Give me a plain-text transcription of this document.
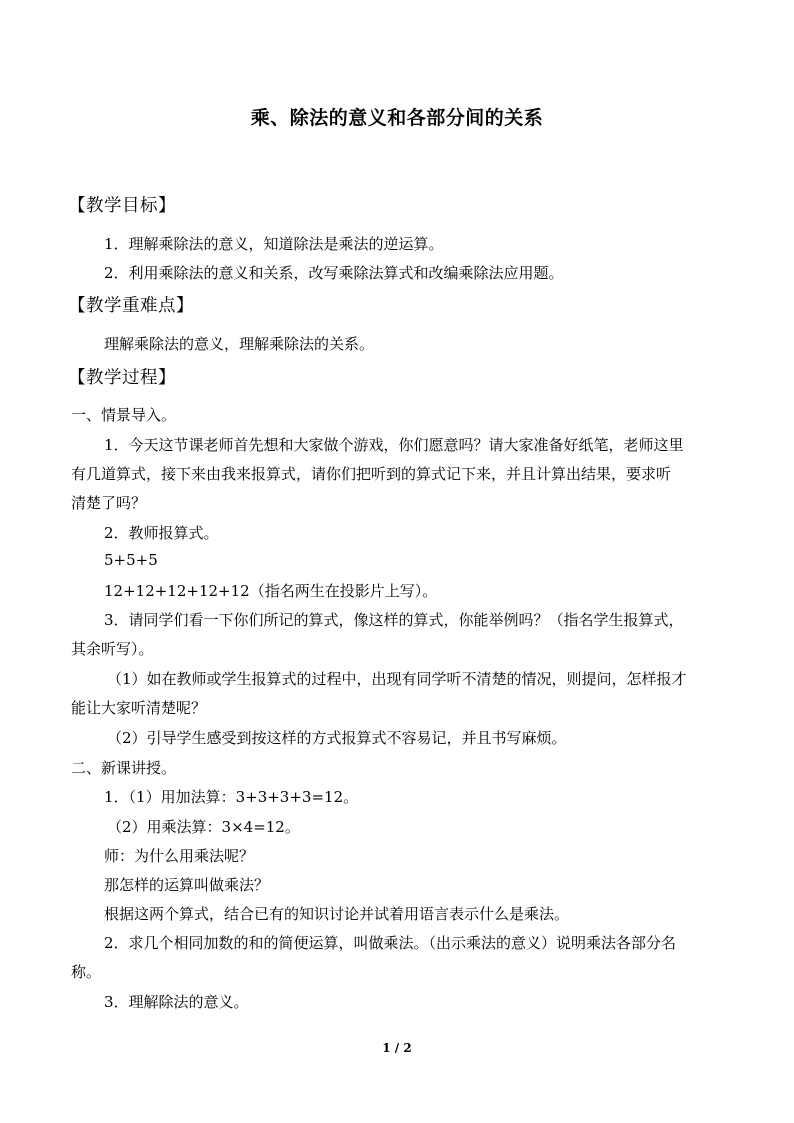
乘、除法的意义和各部分间的关系
【教学目标】
1．理解乘除法的意义，知道除法是乘法的逆运算。
2．利用乘除法的意义和关系，改写乘除法算式和改编乘除法应用题。
【教学重难点】
理解乘除法的意义，理解乘除法的关系。
【教学过程】
一、情景导入。
1．今天这节课老师首先想和大家做个游戏，你们愿意吗？请大家准备好纸笔，老师这里
有几道算式，接下来由我来报算式，请你们把听到的算式记下来，并且计算出结果，要求听
清楚了吗？
2．教师报算式。
5+5+5
12+12+12+12+12（指名两生在投影片上写）。
3．请同学们看一下你们所记的算式，像这样的算式，你能举例吗？（指名学生报算式，
其余听写）。
（1）如在教师或学生报算式的过程中，出现有同学听不清楚的情况，则提问，怎样报才
能让大家听清楚呢？
（2）引导学生感受到按这样的方式报算式不容易记，并且书写麻烦。
二、新课讲授。
1．（1）用加法算：3+3+3+3=12。
（2）用乘法算：3×4=12。
师：为什么用乘法呢？
那怎样的运算叫做乘法？
根据这两个算式，结合已有的知识讨论并试着用语言表示什么是乘法。
2．求几个相同加数的和的简便运算，叫做乘法。（出示乘法的意义）说明乘法各部分名
称。
3．理解除法的意义。
1 / 2
